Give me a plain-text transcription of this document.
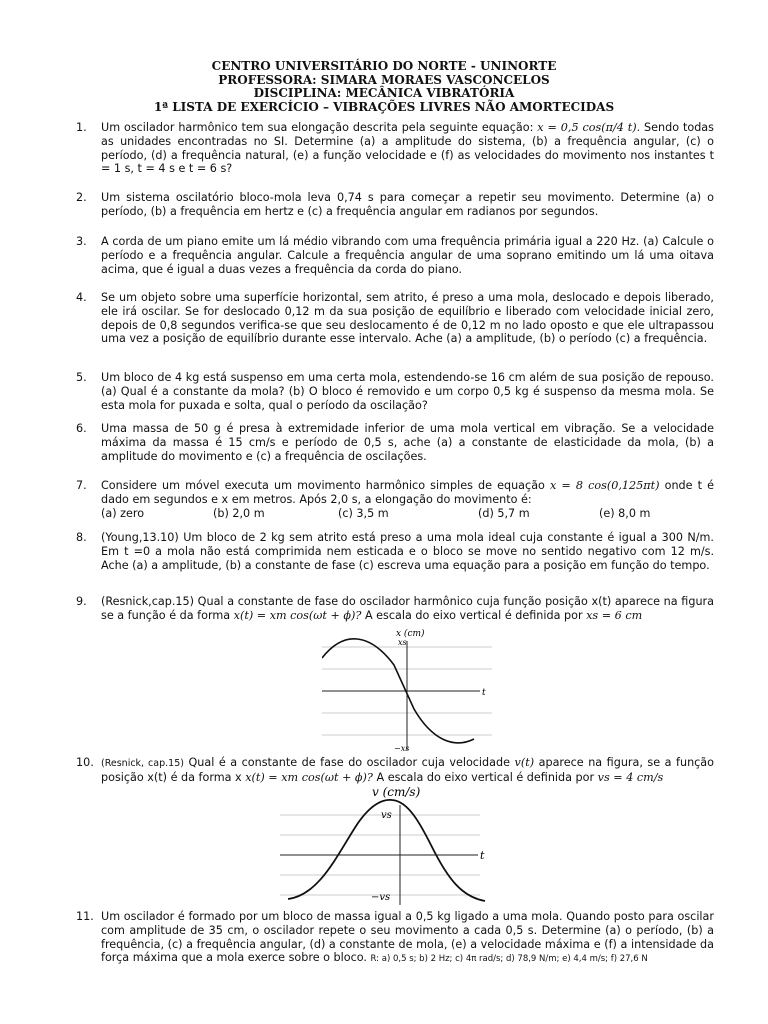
CENTRO UNIVERSITÁRIO DO NORTE - UNINORTE
PROFESSORA: SIMARA MORAES VASCONCELOS
DISCIPLINA: MECÂNICA VIBRATÓRIA
1ª LISTA DE EXERCÍCIO – VIBRAÇÕES LIVRES NÃO AMORTECIDAS
1. Um oscilador harmônico tem sua elongação descrita pela seguinte equação: x = 0,5 cos(π/4 t). Sendo todas as unidades encontradas no SI. Determine (a) a amplitude do sistema, (b) a frequência angular, (c) o período, (d) a frequência natural, (e) a função velocidade e (f) as velocidades do movimento nos instantes t = 1 s, t = 4 s e t = 6 s?
2. Um sistema oscilatório bloco-mola leva 0,74 s para começar a repetir seu movimento. Determine (a) o período, (b) a frequência em hertz e (c) a frequência angular em radianos por segundos.
3. A corda de um piano emite um lá médio vibrando com uma frequência primária igual a 220 Hz. (a) Calcule o período e a frequência angular. Calcule a frequência angular de uma soprano emitindo um lá uma oitava acima, que é igual a duas vezes a frequência da corda do piano.
4. Se um objeto sobre uma superfície horizontal, sem atrito, é preso a uma mola, deslocado e depois liberado, ele irá oscilar. Se for deslocado 0,12 m da sua posição de equilíbrio e liberado com velocidade inicial zero, depois de 0,8 segundos verifica-se que seu deslocamento é de 0,12 m no lado oposto e que ele ultrapassou uma vez a posição de equilíbrio durante esse intervalo. Ache (a) a amplitude, (b) o período (c) a frequência.
5. Um bloco de 4 kg está suspenso em uma certa mola, estendendo-se 16 cm além de sua posição de repouso. (a) Qual é a constante da mola? (b) O bloco é removido e um corpo 0,5 kg é suspenso da mesma mola. Se esta mola for puxada e solta, qual o período da oscilação?
6. Uma massa de 50 g é presa à extremidade inferior de uma mola vertical em vibração. Se a velocidade máxima da massa é 15 cm/s e período de 0,5 s, ache (a) a constante de elasticidade da mola, (b) a amplitude do movimento e (c) a frequência de oscilações.
7. Considere um móvel executa um movimento harmônico simples de equação x = 8 cos(0,125πt) onde t é dado em segundos e x em metros. Após 2,0 s, a elongação do movimento é:
(a) zero	(b) 2,0 m	(c) 3,5 m	(d) 5,7 m	(e) 8,0 m
8. (Young,13.10) Um bloco de 2 kg sem atrito está preso a uma mola ideal cuja constante é igual a 300 N/m. Em t =0 a mola não está comprimida nem esticada e o bloco se move no sentido negativo com 12 m/s. Ache (a) a amplitude, (b) a constante de fase (c) escreva uma equação para a posição em função do tempo.
9. (Resnick,cap.15) Qual a constante de fase do oscilador harmônico cuja função posição x(t) aparece na figura se a função é da forma x(t) = xm cos(ωt + ϕ)? A escala do eixo vertical é definida por xs = 6 cm
x (cm)
xs
−xs
t
10. (Resnick, cap.15) Qual é a constante de fase do oscilador cuja velocidade v(t) aparece na figura, se a função posição x(t) é da forma x x(t) = xm cos(ωt + ϕ)? A escala do eixo vertical é definida por vs = 4 cm/s
v (cm/s)
vs
−vs
t
11. Um oscilador é formado por um bloco de massa igual a 0,5 kg ligado a uma mola. Quando posto para oscilar com amplitude de 35 cm, o oscilador repete o seu movimento a cada 0,5 s. Determine (a) o período, (b) a frequência, (c) a frequência angular, (d) a constante de mola, (e) a velocidade máxima e (f) a intensidade da força máxima que a mola exerce sobre o bloco. R: a) 0,5 s; b) 2 Hz; c) 4π rad/s; d) 78,9 N/m; e) 4,4 m/s; f) 27,6 N
